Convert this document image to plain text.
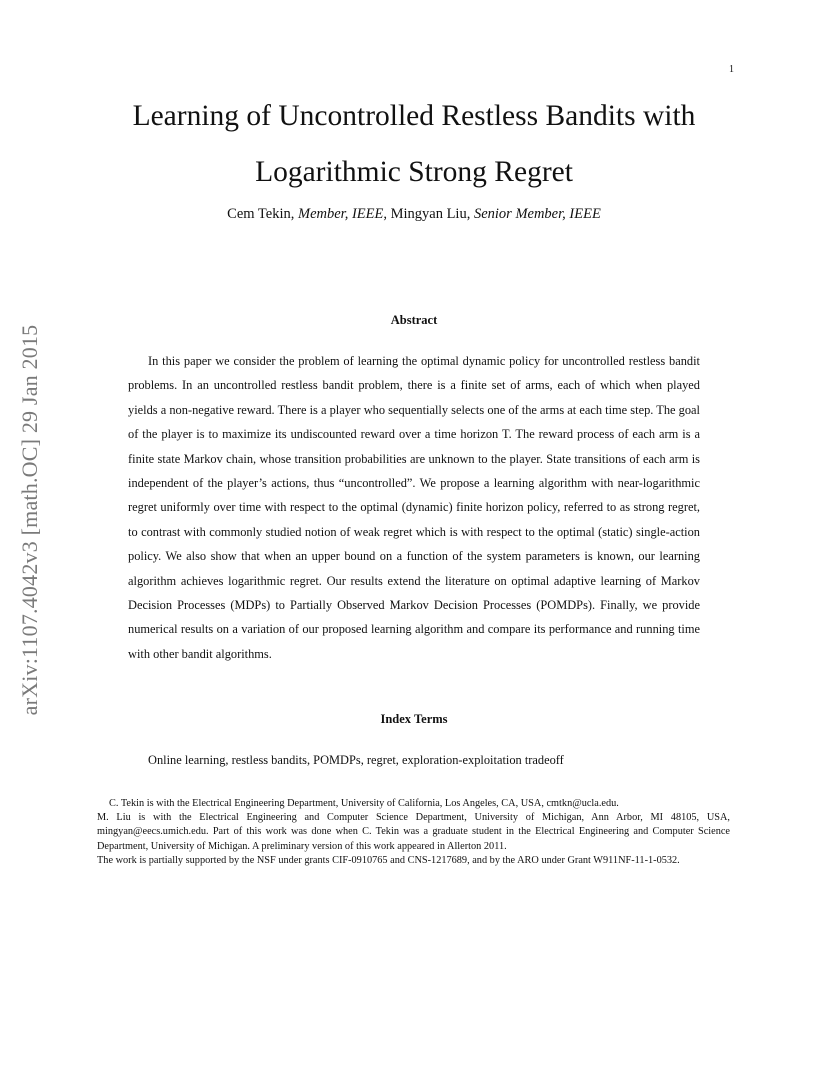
1
arXiv:1107.4042v3 [math.OC] 29 Jan 2015
Learning of Uncontrolled Restless Bandits with Logarithmic Strong Regret
Cem Tekin, Member, IEEE, Mingyan Liu, Senior Member, IEEE
Abstract

In this paper we consider the problem of learning the optimal dynamic policy for uncontrolled restless bandit problems. In an uncontrolled restless bandit problem, there is a finite set of arms, each of which when played yields a non-negative reward. There is a player who sequentially selects one of the arms at each time step. The goal of the player is to maximize its undiscounted reward over a time horizon T. The reward process of each arm is a finite state Markov chain, whose transition probabilities are unknown to the player. State transitions of each arm is independent of the player’s actions, thus “uncontrolled”. We propose a learning algorithm with near-logarithmic regret uniformly over time with respect to the optimal (dynamic) finite horizon policy, referred to as strong regret, to contrast with commonly studied notion of weak regret which is with respect to the optimal (static) single-action policy. We also show that when an upper bound on a function of the system parameters is known, our learning algorithm achieves logarithmic regret. Our results extend the literature on optimal adaptive learning of Markov Decision Processes (MDPs) to Partially Observed Markov Decision Processes (POMDPs). Finally, we provide numerical results on a variation of our proposed learning algorithm and compare its performance and running time with other bandit algorithms.

Index Terms

Online learning, restless bandits, POMDPs, regret, exploration-exploitation tradeoff

C. Tekin is with the Electrical Engineering Department, University of California, Los Angeles, CA, USA, cmtkn@ucla.edu.

M. Liu is with the Electrical Engineering and Computer Science Department, University of Michigan, Ann Arbor, MI 48105, USA, mingyan@eecs.umich.edu. Part of this work was done when C. Tekin was a graduate student in the Electrical Engineering and Computer Science Department, University of Michigan. A preliminary version of this work appeared in Allerton 2011.

The work is partially supported by the NSF under grants CIF-0910765 and CNS-1217689, and by the ARO under Grant W911NF-11-1-0532.
